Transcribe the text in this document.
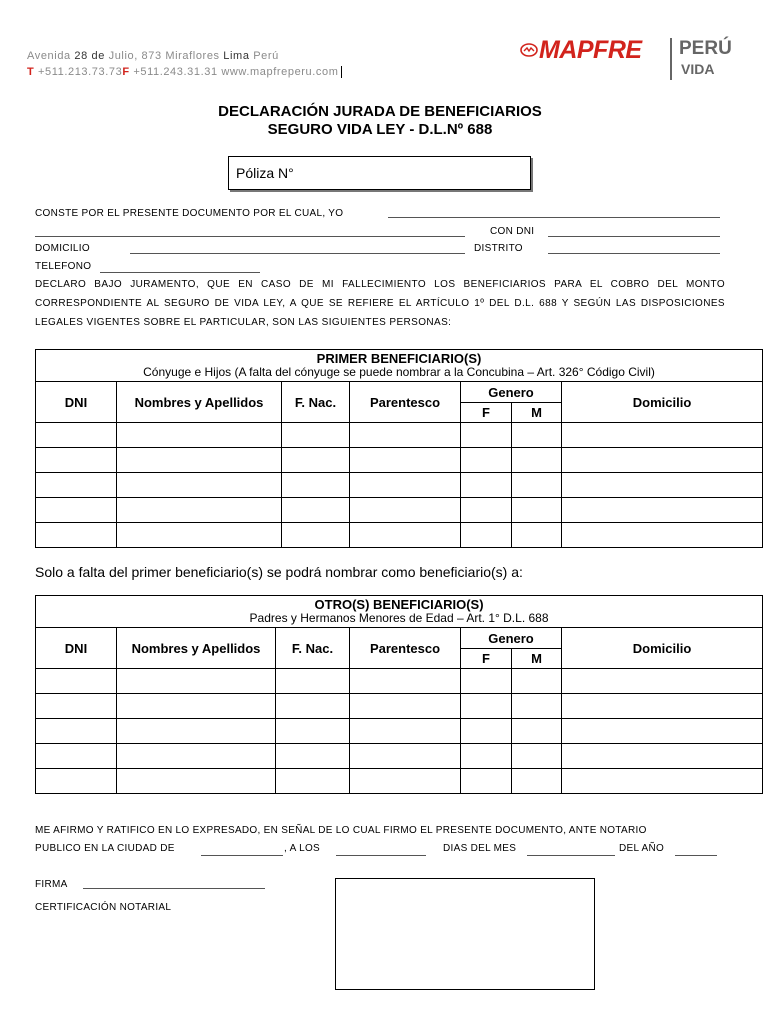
Avenida 28 de Julio, 873 Miraflores Lima Perú
T +511.213.73.73F +511.243.31.31 www.mapfreperu.com
MAPFRE PERÚ
VIDA
DECLARACIÓN JURADA DE BENEFICIARIOS
SEGURO VIDA LEY - D.L.Nº 688
Póliza N°
CONSTE POR EL PRESENTE DOCUMENTO POR EL CUAL, YO
CON DNI
DOMICILIO	DISTRITO
TELEFONO
DECLARO BAJO JURAMENTO, QUE EN CASO DE MI FALLECIMIENTO LOS BENEFICIARIOS PARA EL COBRO DEL MONTO CORRESPONDIENTE AL SEGURO DE VIDA LEY, A QUE SE REFIERE EL ARTÍCULO 1º DEL D.L. 688 Y SEGÚN LAS DISPOSICIONES LEGALES VIGENTES SOBRE EL PARTICULAR, SON LAS SIGUIENTES PERSONAS:
PRIMER BENEFICIARIO(S)
Cónyuge e Hijos (A falta del cónyuge se puede nombrar a la Concubina – Art. 326° Código Civil)						

DNI	Nombres y Apellidos	F. Nac.	Parentesco	Genero		Domicilio
				F	M	

Solo a falta del primer beneficiario(s) se podrá nombrar como beneficiario(s) a:
OTRO(S) BENEFICIARIO(S)
Padres y Hermanos Menores de Edad – Art. 1° D.L. 688						

DNI	Nombres y Apellidos	F. Nac.	Parentesco	Genero		Domicilio
				F	M	

ME AFIRMO Y RATIFICO EN LO EXPRESADO, EN SEÑAL DE LO CUAL FIRMO EL PRESENTE DOCUMENTO, ANTE NOTARIO
PUBLICO EN LA CIUDAD DE	, A LOS	DIAS DEL MES	DEL AÑO
FIRMA
CERTIFICACIÓN NOTARIAL
